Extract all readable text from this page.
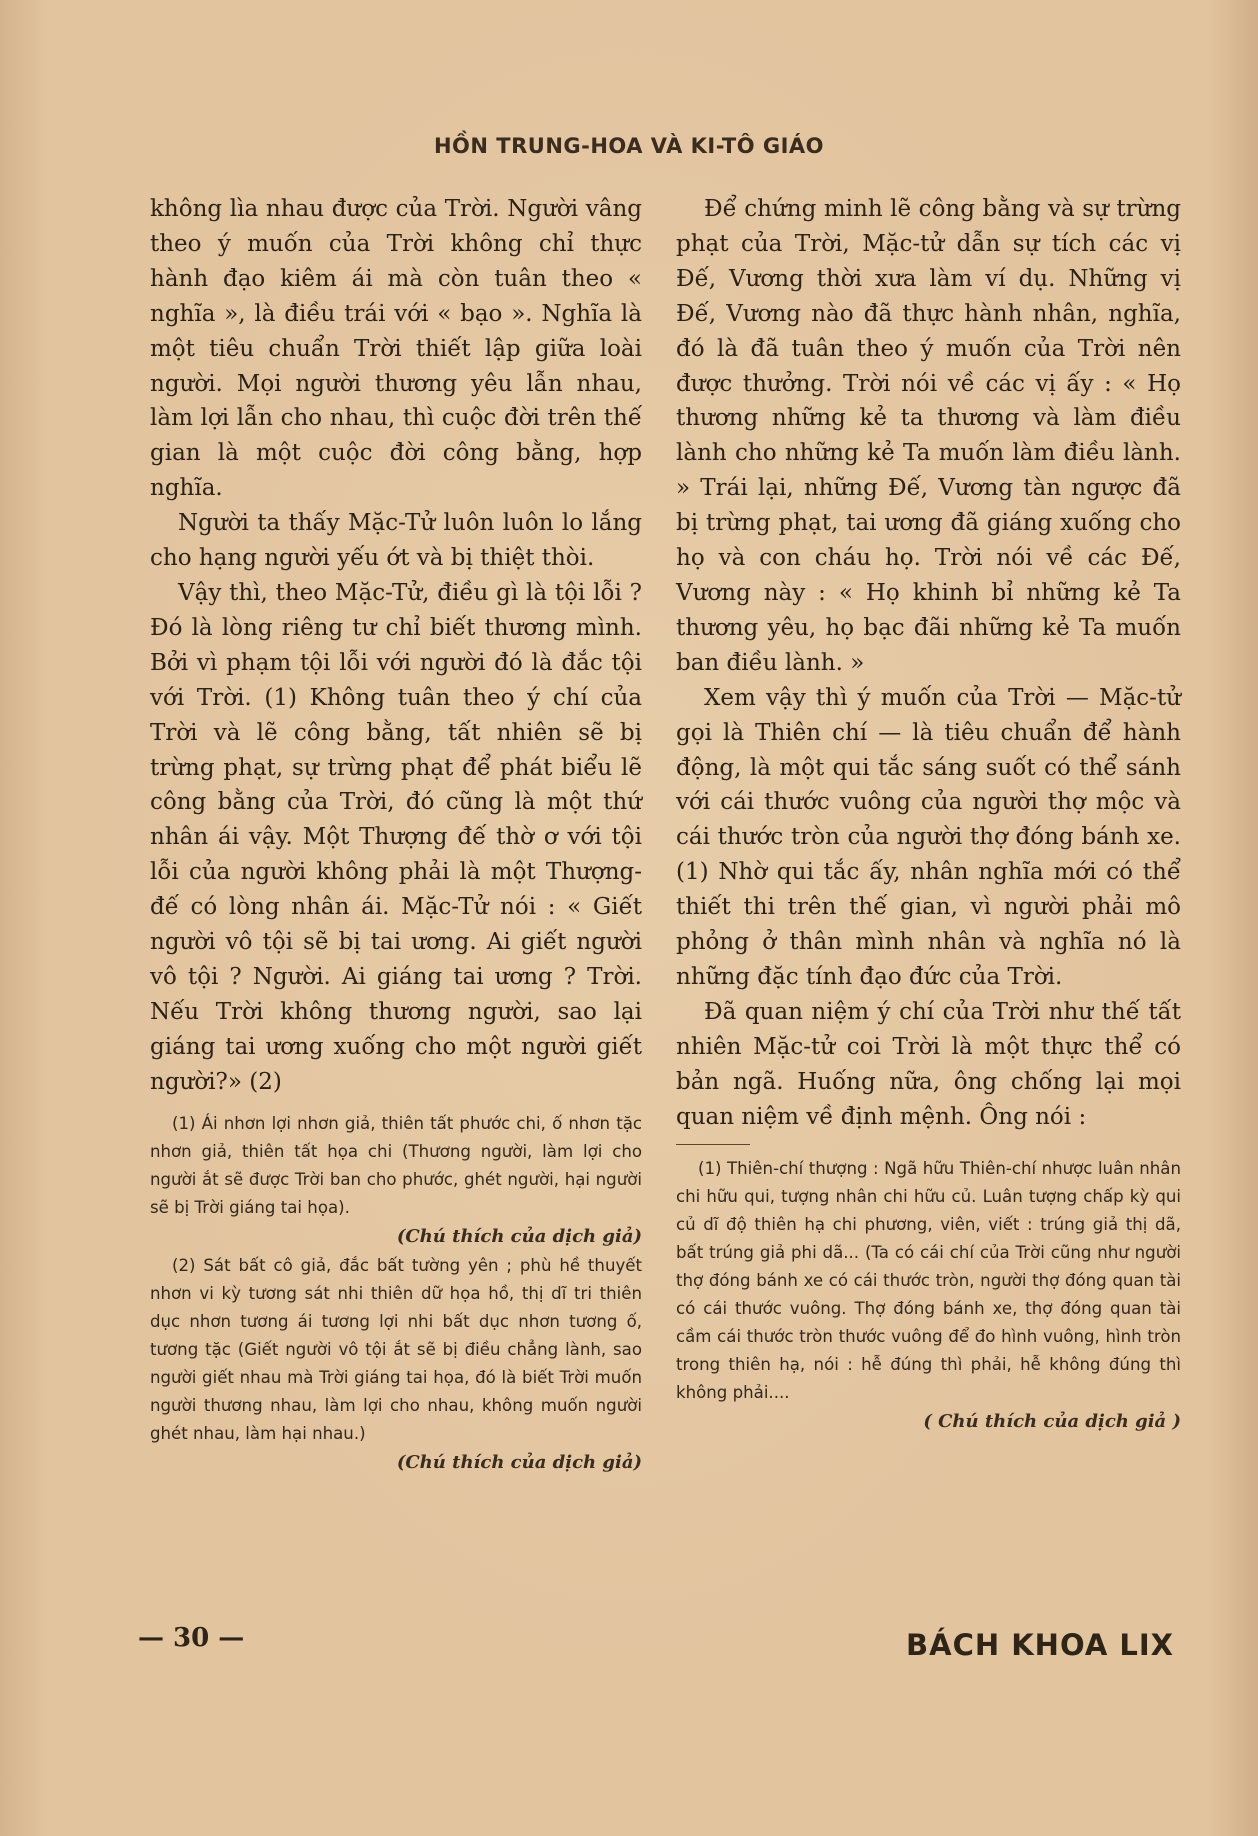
HỒN TRUNG-HOA VÀ KI-TÔ GIÁO

không lìa nhau được của Trời. Người vâng theo ý muốn của Trời không chỉ thực hành đạo kiêm ái mà còn tuân theo « nghĩa », là điều trái với « bạo ». Nghĩa là một tiêu chuẩn Trời thiết lập giữa loài người. Mọi người thương yêu lẫn nhau, làm lợi lẫn cho nhau, thì cuộc đời trên thế gian là một cuộc đời công bằng, hợp nghĩa.

Người ta thấy Mặc-Tử luôn luôn lo lắng cho hạng người yếu ớt và bị thiệt thòi.

Vậy thì, theo Mặc-Tử, điều gì là tội lỗi ? Đó là lòng riêng tư chỉ biết thương mình. Bởi vì phạm tội lỗi với người đó là đắc tội với Trời. (1) Không tuân theo ý chí của Trời và lẽ công bằng, tất nhiên sẽ bị trừng phạt, sự trừng phạt để phát biểu lẽ công bằng của Trời, đó cũng là một thứ nhân ái vậy. Một Thượng đế thờ ơ với tội lỗi của người không phải là một Thượng-đế có lòng nhân ái. Mặc-Tử nói : « Giết người vô tội sẽ bị tai ương. Ai giết người vô tội ? Người. Ai giáng tai ương ? Trời. Nếu Trời không thương người, sao lại giáng tai ương xuống cho một người giết người?» (2)

(1) Ái nhơn lợi nhơn giả, thiên tất phước chi, ố nhơn tặc nhơn giả, thiên tất họa chi (Thương người, làm lợi cho người ắt sẽ được Trời ban cho phước, ghét người, hại người sẽ bị Trời giáng tai họa).

(Chú thích của dịch giả)

(2) Sát bất cô giả, đắc bất tường yên ; phù hề thuyết nhơn vi kỳ tương sát nhi thiên dữ họa hồ, thị dĩ tri thiên dục nhơn tương ái tương lợi nhi bất dục nhơn tương ố, tương tặc (Giết người vô tội ắt sẽ bị điều chẳng lành, sao người giết nhau mà Trời giáng tai họa, đó là biết Trời muốn người thương nhau, làm lợi cho nhau, không muốn người ghét nhau, làm hại nhau.)

(Chú thích của dịch giả)

Để chứng minh lẽ công bằng và sự trừng phạt của Trời, Mặc-tử dẫn sự tích các vị Đế, Vương thời xưa làm ví dụ. Những vị Đế, Vương nào đã thực hành nhân, nghĩa, đó là đã tuân theo ý muốn của Trời nên được thưởng. Trời nói về các vị ấy : « Họ thương những kẻ ta thương và làm điều lành cho những kẻ Ta muốn làm điều lành. » Trái lại, những Đế, Vương tàn ngược đã bị trừng phạt, tai ương đã giáng xuống cho họ và con cháu họ. Trời nói về các Đế, Vương này : « Họ khinh bỉ những kẻ Ta thương yêu, họ bạc đãi những kẻ Ta muốn ban điều lành. »

Xem vậy thì ý muốn của Trời — Mặc-tử gọi là Thiên chí — là tiêu chuẩn để hành động, là một qui tắc sáng suốt có thể sánh với cái thước vuông của người thợ mộc và cái thước tròn của người thợ đóng bánh xe. (1) Nhờ qui tắc ấy, nhân nghĩa mới có thể thiết thi trên thế gian, vì người phải mô phỏng ở thân mình nhân và nghĩa nó là những đặc tính đạo đức của Trời.

Đã quan niệm ý chí của Trời như thế tất nhiên Mặc-tử coi Trời là một thực thể có bản ngã. Huống nữa, ông chống lại mọi quan niệm về định mệnh. Ông nói :

(1) Thiên-chí thượng : Ngã hữu Thiên-chí nhược luân nhân chi hữu qui, tượng nhân chi hữu củ. Luân tượng chấp kỳ qui củ dĩ độ thiên hạ chi phương, viên, viết : trúng giả thị dã, bất trúng giả phi dã... (Ta có cái chí của Trời cũng như người thợ đóng bánh xe có cái thước tròn, người thợ đóng quan tài có cái thước vuông. Thợ đóng bánh xe, thợ đóng quan tài cầm cái thước tròn thước vuông để đo hình vuông, hình tròn trong thiên hạ, nói : hễ đúng thì phải, hễ không đúng thì không phải....

( Chú thích của dịch giả )

— 30 —	BÁCH KHOA LIX
